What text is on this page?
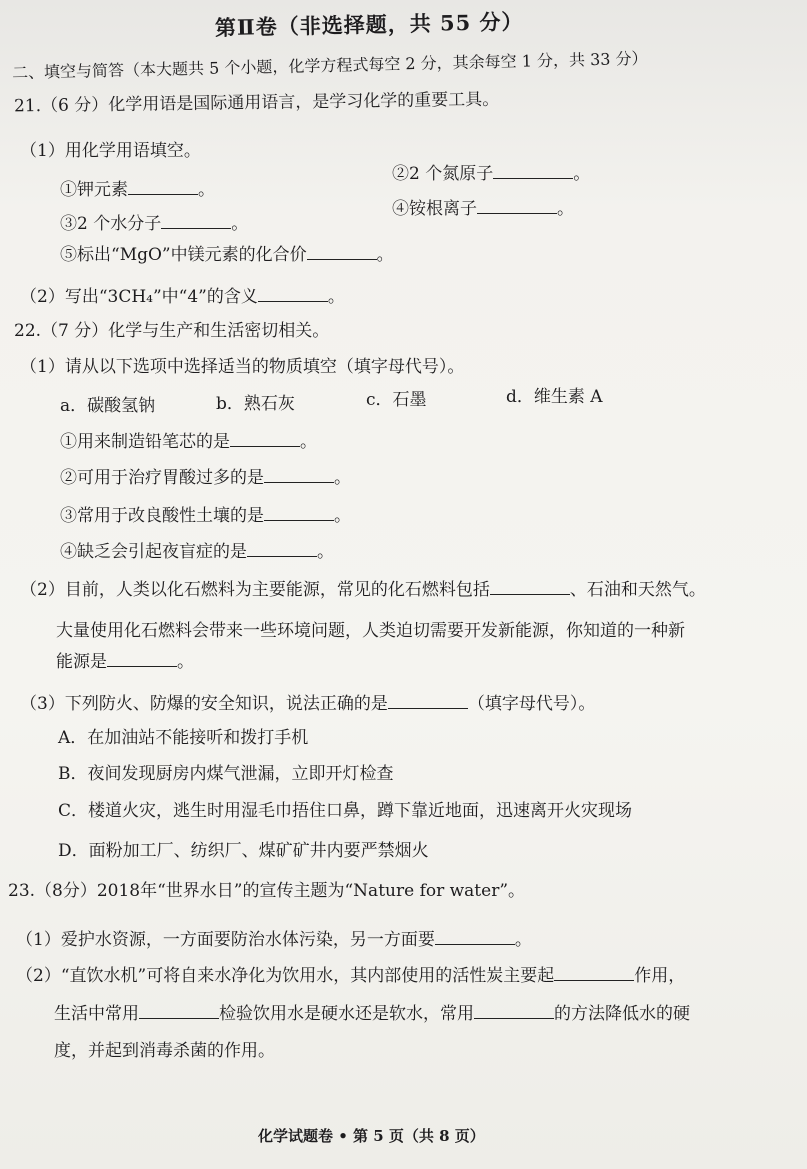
第Ⅱ卷（非选择题，共 55 分）
二、填空与简答（本大题共 5 个小题，化学方程式每空 2 分，其余每空 1 分，共 33 分）
21.（6 分）化学用语是国际通用语言，是学习化学的重要工具。
（1）用化学用语填空。
①钾元素	。
②2 个氮原子	。
③2 个水分子	。
④铵根离子	。
⑤标出“MgO”中镁元素的化合价	。
（2）写出“3CH₄”中“4”的含义	。
22.（7 分）化学与生产和生活密切相关。
（1）请从以下选项中选择适当的物质填空（填字母代号）。
a．碳酸氢钠	b．熟石灰	c．石墨	d．维生素 A
①用来制造铅笔芯的是	。
②可用于治疗胃酸过多的是	。
③常用于改良酸性土壤的是	。
④缺乏会引起夜盲症的是	。
（2）目前，人类以化石燃料为主要能源，常见的化石燃料包括	、石油和天然气。
大量使用化石燃料会带来一些环境问题，人类迫切需要开发新能源，你知道的一种新
能源是	。
（3）下列防火、防爆的安全知识，说法正确的是	（填字母代号）。
A．在加油站不能接听和拨打手机
B．夜间发现厨房内煤气泄漏，立即开灯检查
C．楼道火灾，逃生时用湿毛巾捂住口鼻，蹲下靠近地面，迅速离开火灾现场
D．面粉加工厂、纺织厂、煤矿矿井内要严禁烟火
23.（8分）2018年“世界水日”的宣传主题为“Nature for water”。
（1）爱护水资源，一方面要防治水体污染，另一方面要	。
（2）“直饮水机”可将自来水净化为饮用水，其内部使用的活性炭主要起	作用，
生活中常用	检验饮用水是硬水还是软水，常用	的方法降低水的硬
度，并起到消毒杀菌的作用。
化学试题卷 • 第 5 页（共 8 页）
